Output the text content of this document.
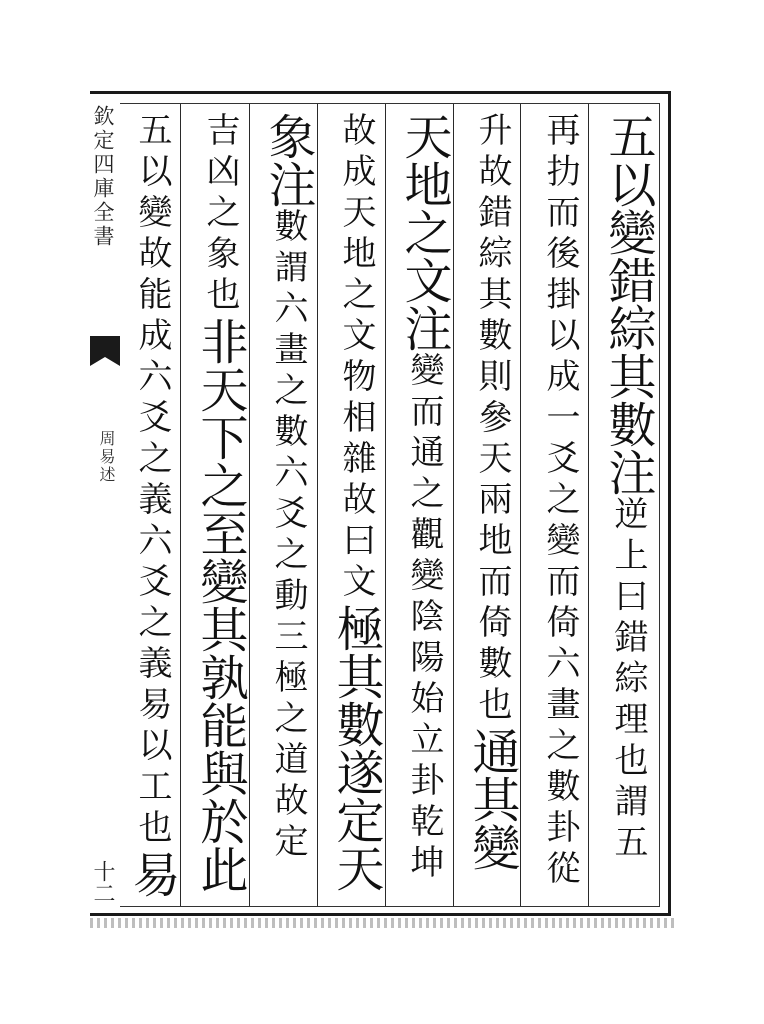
欽定四庫全書
周易述
十二
五以變錯綜其數注逆上曰錯綜理也謂五
再扐而後掛以成一爻之變而倚六畫之數卦從
升故錯綜其數則參天兩地而倚數也通其變
天地之文注變而通之觀變陰陽始立卦乾坤
故成天地之文物相雜故曰文極其數遂定天
象注數謂六畫之數六爻之動三極之道故定
吉凶之象也非天下之至變其孰能與於此
五以變故能成六爻之義六爻之義易以工也易
